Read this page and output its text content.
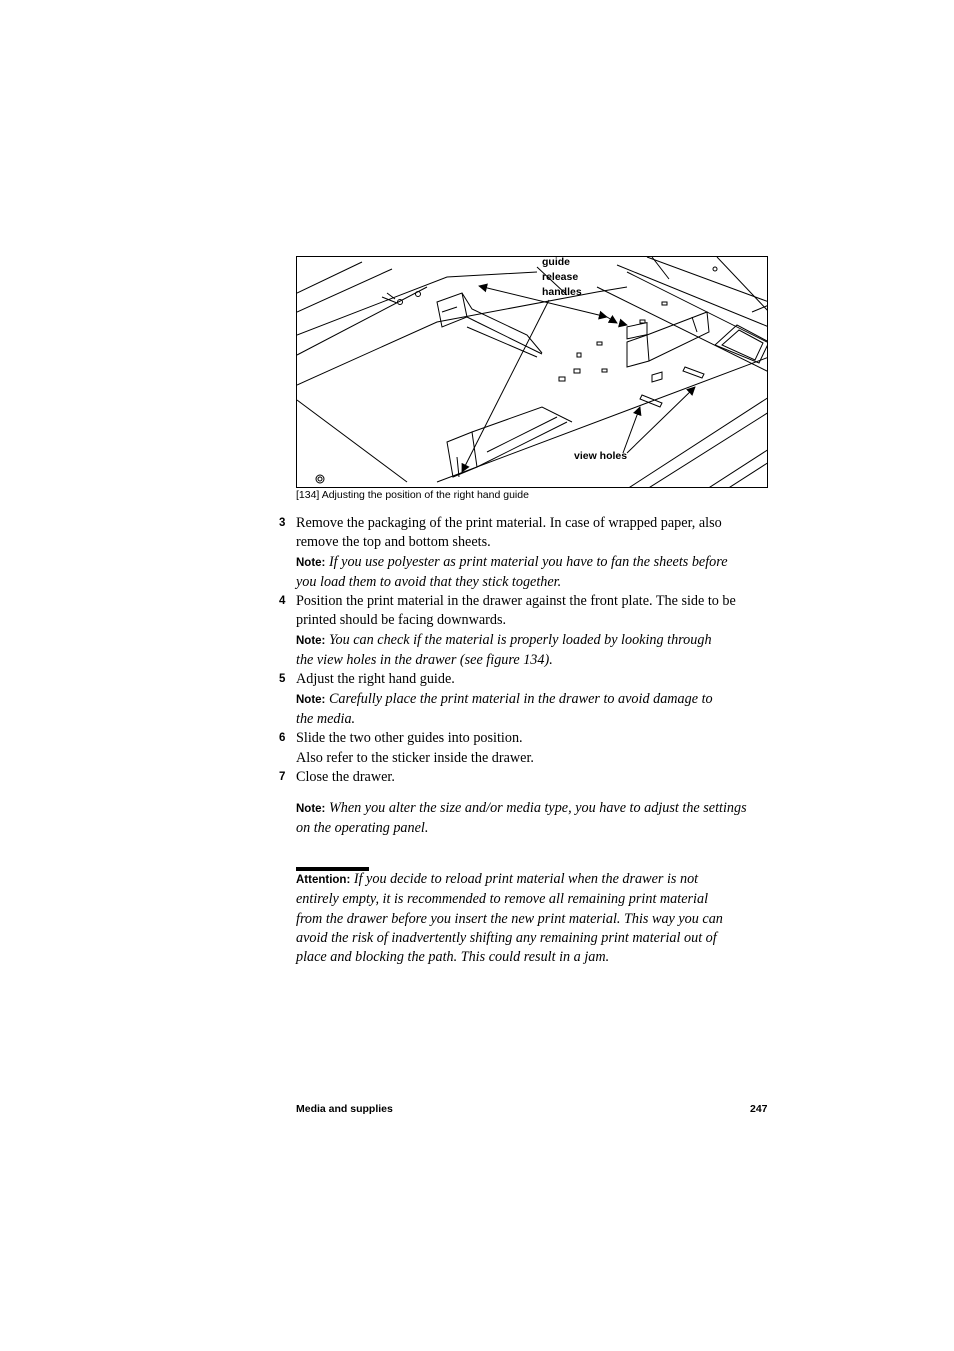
guide
release
handles
view holes
[134] Adjusting the position of the right hand guide
3 Remove the packaging of the print material. In case of wrapped paper, also
remove the top and bottom sheets.
Note: If you use polyester as print material you have to fan the sheets before
you load them to avoid that they stick together.
4 Position the print material in the drawer against the front plate. The side to be
printed should be facing downwards.
Note: You can check if the material is properly loaded by looking through
the view holes in the drawer (see figure 134).
5 Adjust the right hand guide.
Note: Carefully place the print material in the drawer to avoid damage to
the media.
6 Slide the two other guides into position.
Also refer to the sticker inside the drawer.
7 Close the drawer.
Note: When you alter the size and/or media type, you have to adjust the settings
on the operating panel.
Attention: If you decide to reload print material when the drawer is not
entirely empty, it is recommended to remove all remaining print material
from the drawer before you insert the new print material. This way you can
avoid the risk of inadvertently shifting any remaining print material out of
place and blocking the path. This could result in a jam.
Media and supplies	247
